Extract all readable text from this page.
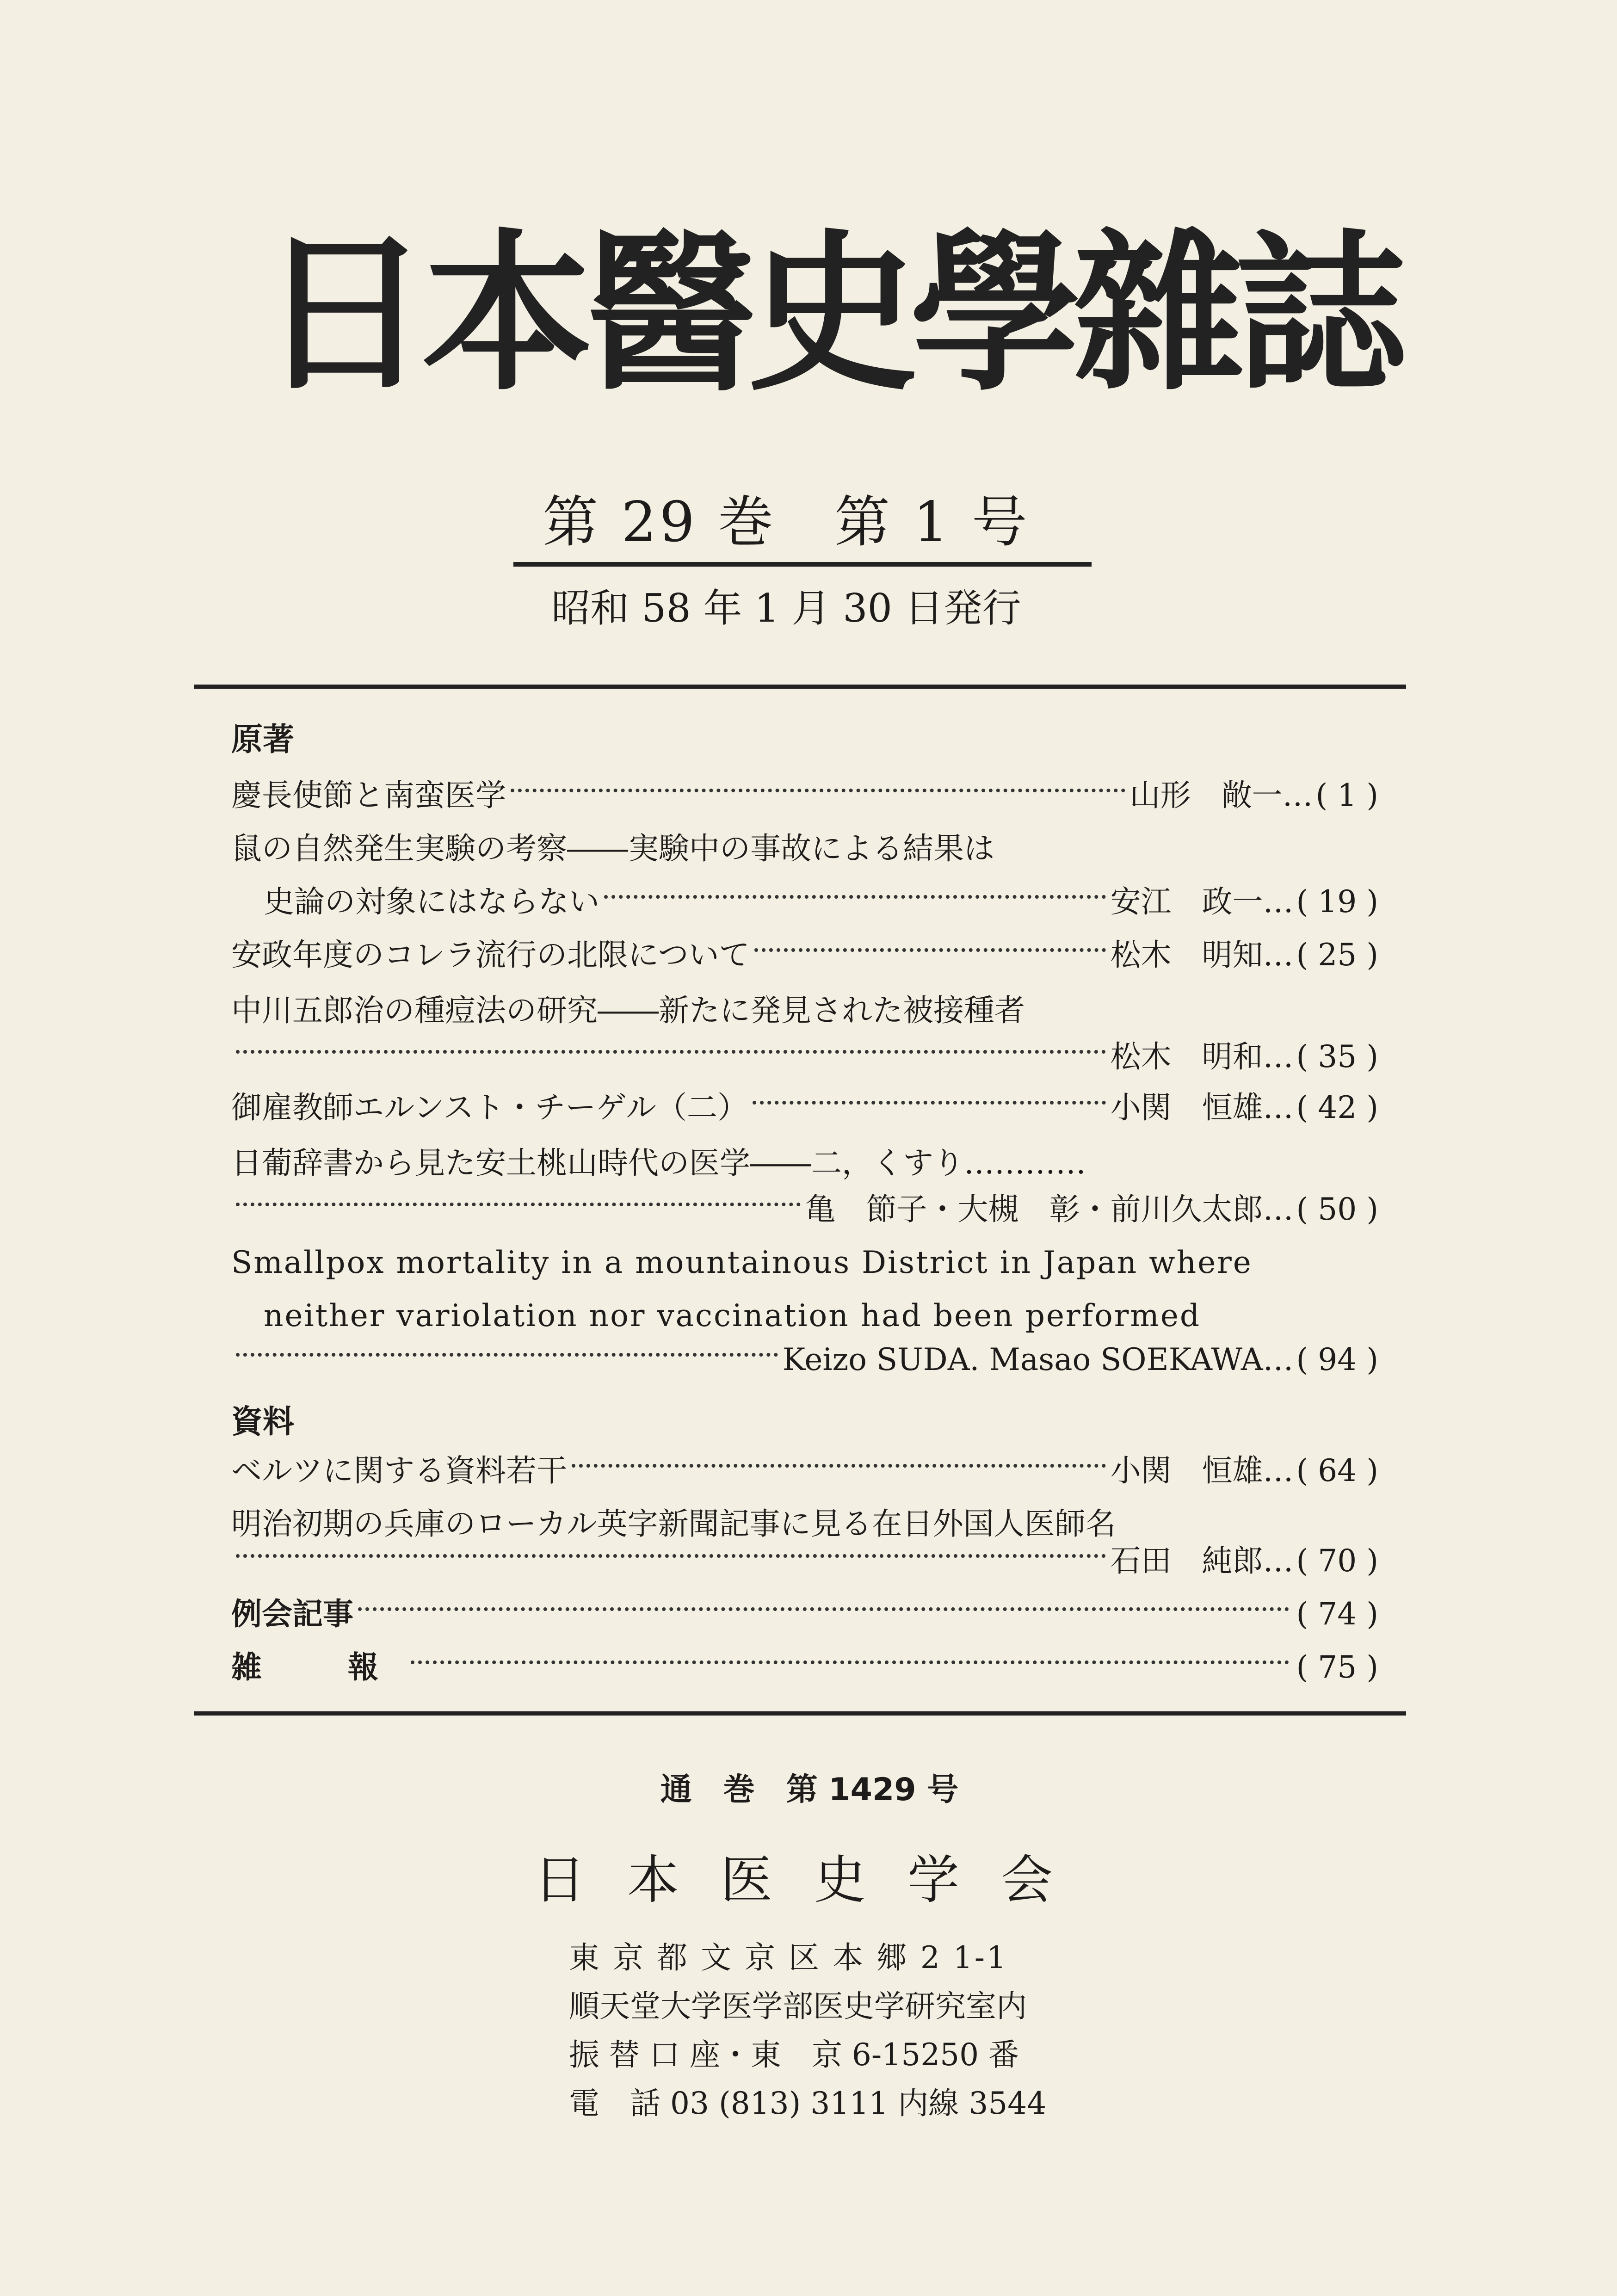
日本醫史學雜誌
第 29 巻　第 1 号
昭和 58 年 1 月 30 日発行
原著
慶長使節と南蛮医学	山形　敞一 … ( 1 )
鼠の自然発生実験の考察――実験中の事故による結果は
史論の対象にはならない	安江　政一 … ( 19 )
安政年度のコレラ流行の北限について	松木　明知 … ( 25 )
中川五郎治の種痘法の研究――新たに発見された被接種者
松木　明和 … ( 35 )
御雇教師エルンスト・チーゲル（二）	小関　恒雄 … ( 42 )
日葡辞書から見た安土桃山時代の医学――二，くすり…………
亀　節子・大槻　彰・前川久太郎 … ( 50 )
Smallpox mortality in a mountainous District in Japan where
neither variolation nor vaccination had been performed
Keizo SUDA. Masao SOEKAWA … ( 94 )
資料
ベルツに関する資料若干	小関　恒雄 … ( 64 )
明治初期の兵庫のローカル英字新聞記事に見る在日外国人医師名
石田　純郎 … ( 70 )
例会記事	( 74 )
雑　報	( 75 )
通　巻　第 1429 号
日本医史学会
東 京 都 文 京 区 本 郷 2 1-1
順天堂大学医学部医史学研究室内
振 替 口 座・東　京 6-15250 番
電　話 03 (813) 3111 内線 3544
